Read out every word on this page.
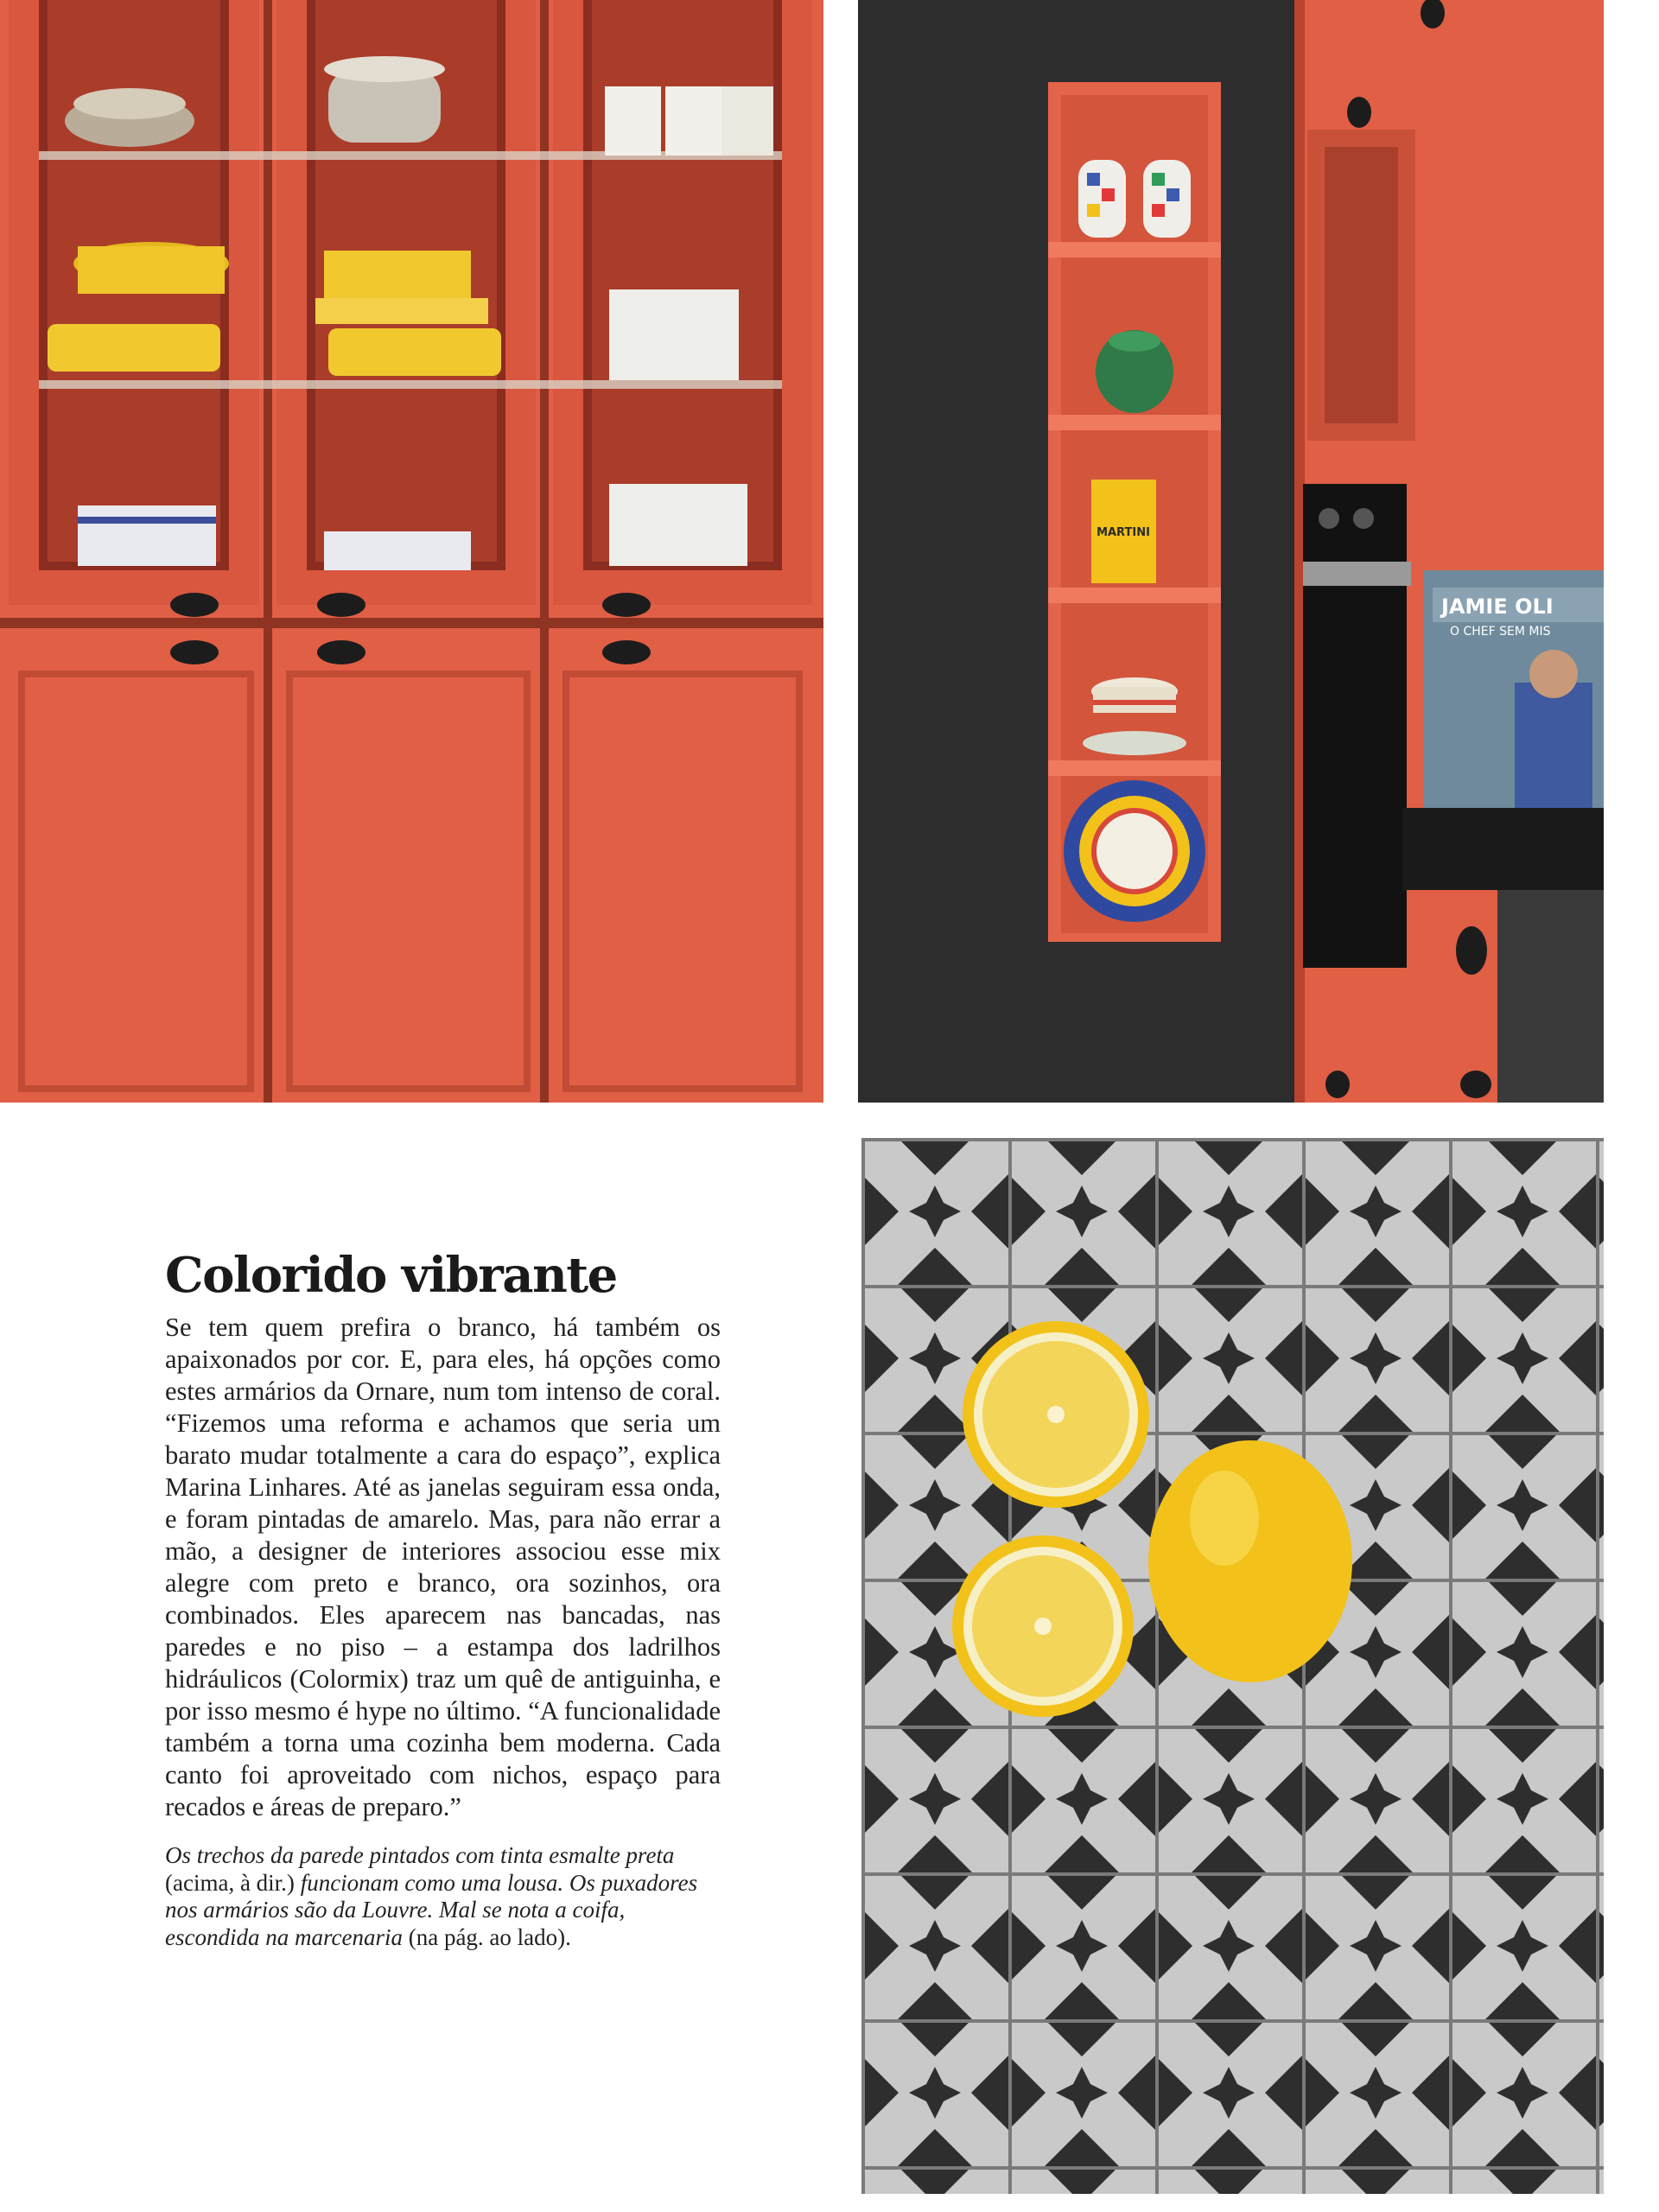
MARTINI
JAMIE OLI
O CHEF SEM MIS
Colorido vibrante

Se tem quem prefira o branco, há também os apaixonados por cor. E, para eles, há opções como estes armários da Ornare, num tom intenso de coral. “Fizemos uma reforma e achamos que seria um barato mudar totalmente a cara do espaço”, explica Marina Linhares. Até as janelas seguiram essa onda, e foram pintadas de amarelo. Mas, para não errar a mão, a designer de interiores associou esse mix alegre com preto e branco, ora sozinhos, ora combinados. Eles aparecem nas bancadas, nas paredes e no piso – a estampa dos ladrilhos hidráulicos (Colormix) traz um quê de antiguinha, e por isso mesmo é hype no último. “A funcionalidade também a torna uma cozinha bem moderna. Cada canto foi aproveitado com nichos, espaço para recados e áreas de preparo.”

Os trechos da parede pintados com tinta esmalte preta (acima, à dir.) funcionam como uma lousa. Os puxadores nos armários são da Louvre. Mal se nota a coifa, escondida na marcenaria (na pág. ao lado).
